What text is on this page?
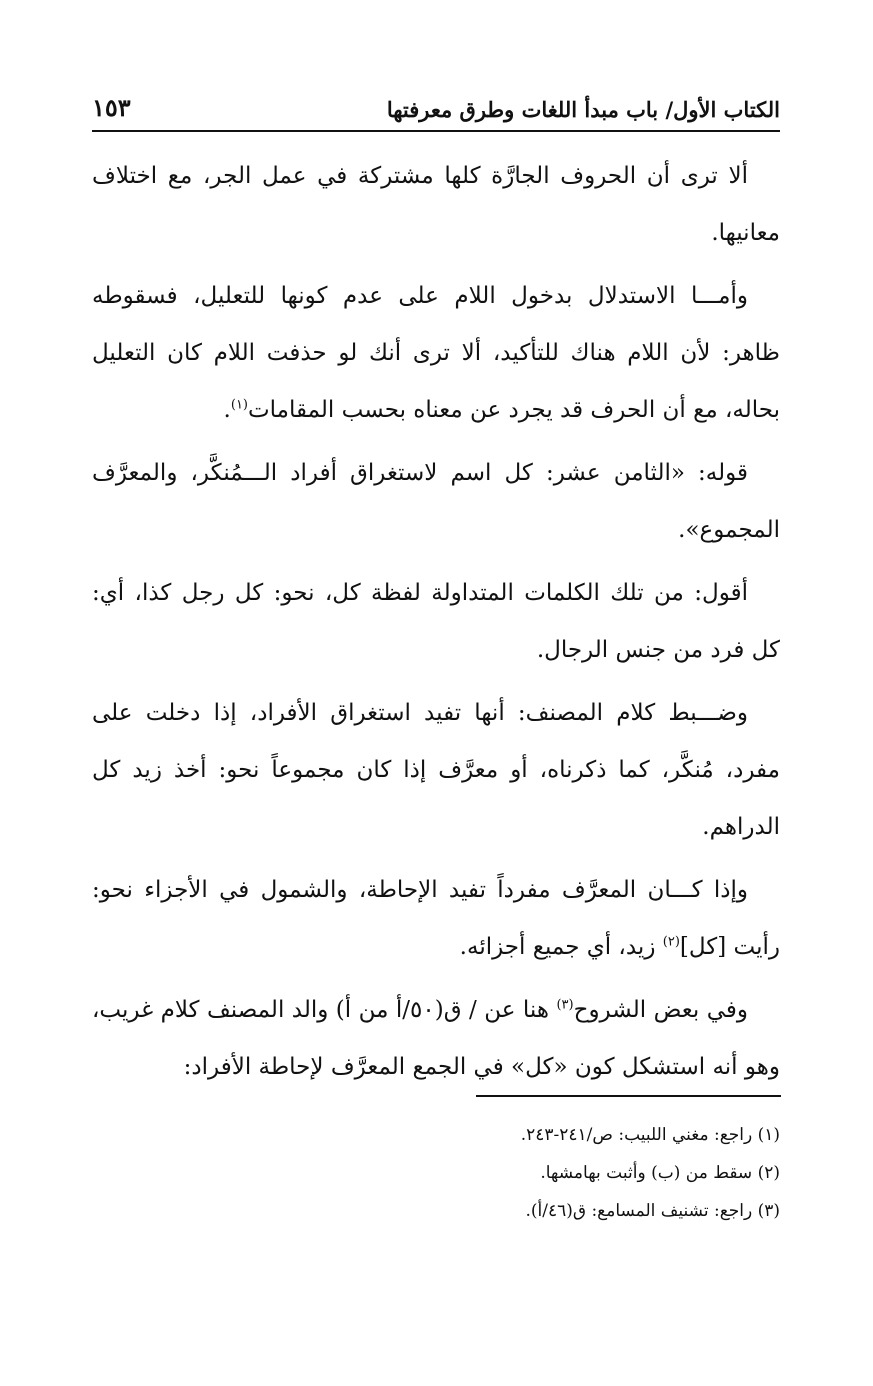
الكتاب الأول/ باب مبدأ اللغات وطرق معرفتها
١٥٣

ألا ترى أن الحروف الجارَّة كلها مشتركة في عمل الجر، مع اختلاف معانيها.

وأمـــا الاستدلال بدخول اللام على عدم كونها للتعليل، فسقوطه ظاهر: لأن اللام هناك للتأكيد، ألا ترى أنك لو حذفت اللام كان التعليل بحاله، مع أن الحرف قد يجرد عن معناه بحسب المقامات$^{(١)}$.

قوله: «الثامن عشر: كل اسم لاستغراق أفراد الـــمُنكَّر، والمعرَّف المجموع».

أقول: من تلك الكلمات المتداولة لفظة كل، نحو: كل رجل كذا، أي: كل فرد من جنس الرجال.

وضـــبط كلام المصنف: أنها تفيد استغراق الأفراد، إذا دخلت على مفرد، مُنكَّر، كما ذكرناه، أو معرَّف إذا كان مجموعاً نحو: أخذ زيد كل الدراهم.

وإذا كـــان المعرَّف مفرداً تفيد الإحاطة، والشمول في الأجزاء نحو: رأيت [كل]$^{(٢)}$ زيد، أي جميع أجزائه.

وفي بعض الشروح$^{(٣)}$ هنا عن / ق(٥٠/أ من أ) والد المصنف كلام غريب، وهو أنه استشكل كون «كل» في الجمع المعرَّف لإحاطة الأفراد:

(١) راجع: مغني اللبيب: ص/٢٤١-٢٤٣.

(٢) سقط من (ب) وأثبت بهامشها.

(٣) راجع: تشنيف المسامع: ق(٤٦/أ).
